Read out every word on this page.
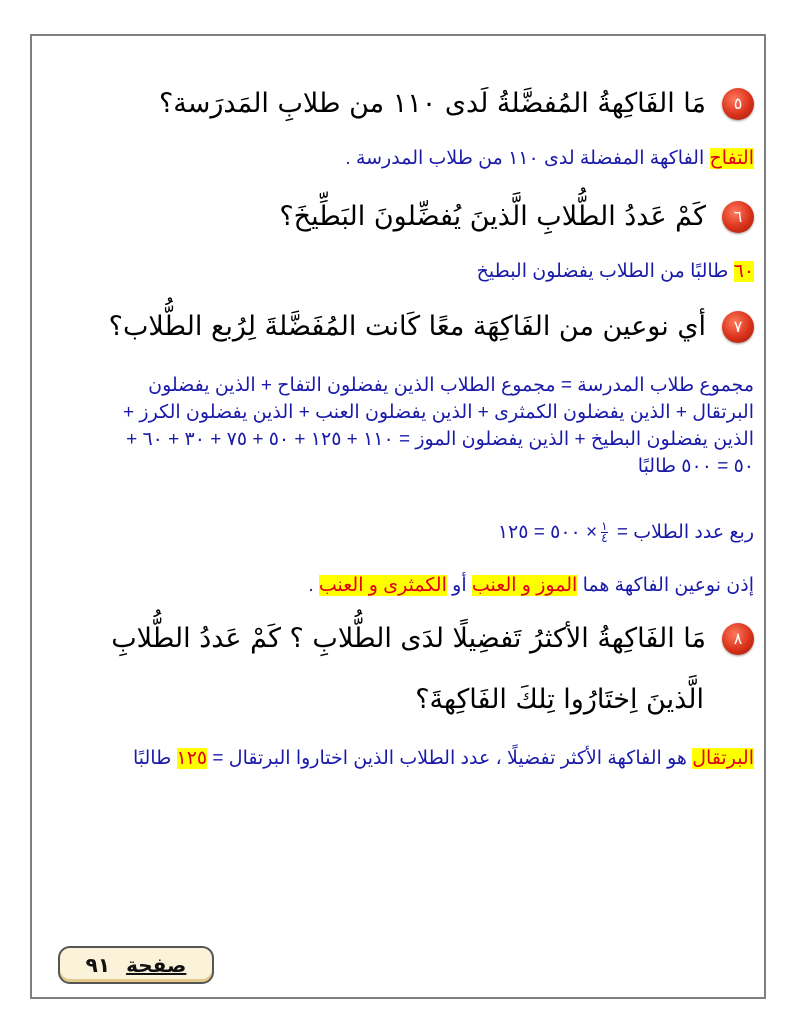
٥
مَا الفَاكِهةُ المُفضَّلةُ لَدى ١١٠ من طلابِ المَدرَسة؟
التفاح الفاكهة المفضلة لدى ١١٠ من طلاب المدرسة .
٦
كَمْ عَددُ الطُّلابِ الَّذينَ يُفضِّلونَ البَطِّيخَ؟
٦٠ طالبًا من الطلاب يفضلون البطيخ
٧
أي نوعين من الفَاكِهَة معًا كَانت المُفَضَّلةَ لِرُبع الطُّلاب؟
مجموع طلاب المدرسة = مجموع الطلاب الذين يفضلون التفاح + الذين يفضلون البرتقال + الذين يفضلون الكمثرى + الذين يفضلون العنب + الذين يفضلون الكرز + الذين يفضلون البطيخ + الذين يفضلون الموز = ١١٠ + ١٢٥ + ٥٠ + ٧٥ + ٣٠ + ٦٠ + ٥٠ = ٥٠٠ طالبًا
ربع عدد الطلاب =
$\frac{١}{٤}$
× ٥٠٠ = ١٢٥
إذن نوعين الفاكهة هما الموز و العنب أو الكمثرى و العنب .
٨
مَا الفَاكِهةُ الأكثرُ تَفضِيلًا لدَى الطُّلابِ ؟ كَمْ عَددُ الطُّلابِ
الَّذينَ اِختَارُوا تِلكَ الفَاكِهةَ؟
البرتقال هو الفاكهة الأكثر تفضيلًا ، عدد الطلاب الذين اختاروا البرتقال = ١٢٥ طالبًا
صفحة
٩١
